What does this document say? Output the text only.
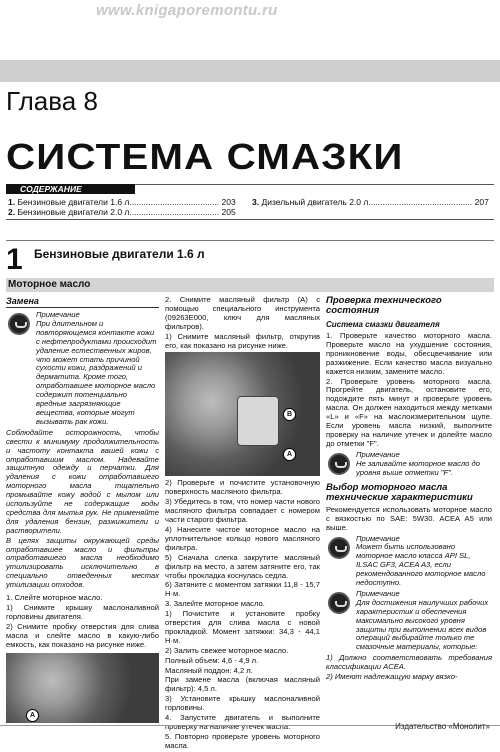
www.knigaporemontu.ru
Глава 8
СИСТЕМА СМАЗКИ
СОДЕРЖАНИЕ
1. Бензиновые двигатели 1.6 л...................................... 203
2. Бензиновые двигатели 2.0 л...................................... 205
3. Дизельный двигатель 2.0 л............................................ 207
1 Бензиновые двигатели 1.6 л
Моторное масло
Замена
Примечание
При длительном и повторяющемся контакте кожи с нефтепродуктами происходит удаление естественных жиров, что может стать причиной сухости кожи, раздражений и дерматита. Кроме того, отработавшее моторное масло содержит потенциально вредные загрязняющие вещества, которые могут вызывать рак кожи.

Соблюдайте осторожность, чтобы свести к минимуму продолжительность и частоту контакта вашей кожи с отработавшим маслом. Надевайте защитную одежду и перчатки. Для удаления с кожи отработавшего моторного масла тщательно промывайте кожу водой с мылом или используйте не содержащие воды средства для мытья рук. Не применяйте для удаления бензин, разжижители и растворители.

В целях защиты окружающей среды отработавшее масло и фильтры отработавшего масла необходимо утилизировать исключительно в специально отведенных местах утилизации отходов.

1. Слейте моторное масло.

1) Снимите крышку маслоналивной горловины двигателя.

2) Снимите пробку отверстия для слива масла и слейте масло в какую-либо емкость, как показано на рисунке ниже.

A

2. Снимите масляный фильтр (А) с помощью специального инструмента (09263Е000, ключ для масляных фильтров).

1) Снимите масляный фильтр, открутив его, как показано на рисунке ниже.

A
B

2) Проверьте и почистите установочную поверхность масляного фильтра.

3) Убедитесь в том, что номер части нового масляного фильтра совпадает с номером части старого фильтра.

4) Нанесите чистое моторное масло на уплотнительное кольцо нового масляного фильтра.

5) Сначала слегка закрутите масляный фильтр на место, а затем затяните его, так чтобы прокладка коснулась седла.

6) Затяните с моментом затяжки 11,8 - 15,7 Н·м.

3. Залейте моторное масло.

1) Почистите и установите пробку отверстия для слива масла с новой прокладкой. Момент затяжки: 34,3 - 44,1 Н·м.

2) Залить свежее моторное масло.

Полный объем: 4,6 - 4,9 л.

Масляный поддон: 4,2 л.

При замене масла (включая масляный фильтр): 4,5 л.

3) Установите крышку маслоналивной горловины.

4. Запустите двигатель и выполните проверку на наличие утечек масла.

5. Повторно проверьте уровень моторного масла.

Проверка технического состояния
Система смазки двигателя

1. Проверьте качество моторного масла. Проверьте масло на ухудшение состояния, проникновение воды, обесцвечивание или разжижение. Если качество масла визуально кажется низким, замените масло.

2. Проверьте уровень моторного масла. Прогрейте двигатель, остановите его, подождите пять минут и проверьте уровень масла. Он должен находиться между метками «L» и «F» на маслоизмерительном щупе. Если уровень масла низкий, выполните проверку на наличие утечек и долейте масло до отметки "F".

Примечание
Не заливайте моторное масло до уровня выше отметки "F".
Выбор моторного масла технические характеристики

Рекомендуется использовать моторное масло с вязкостью по SAE: 5W30. ACEA A5 или выше.

Примечание
Может быть использовано моторное масло класса API SL, ILSAC GF3, ACEA A3, если рекомендованного моторное масло недоступно.
Примечание
Для достижения наилучших рабочих характеристик и обеспечения максимально высокого уровня защиты при выполнении всех видов операций выбирайте только те смазочные материалы, которые:

1) Должно соответствовать требования классификации ACEA.

2) Имеют надлежащую марку вязко-

Издательство «Монолит»
